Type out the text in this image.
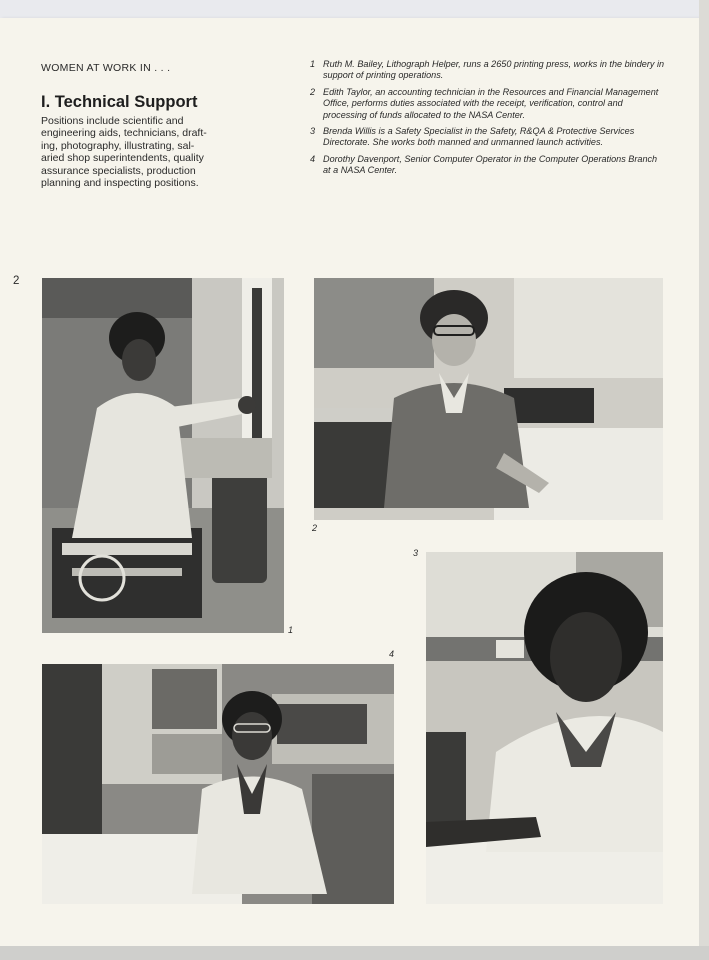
WOMEN AT WORK IN . . .
I. Technical Support
Positions include scientific and
engineering aids, technicians, draft-
ing, photography, illustrating, sal-
aried shop superintendents, quality
assurance specialists, production
planning and inspecting positions.
1 Ruth M. Bailey, Lithograph Helper, runs a 2650 printing press, works in the bindery in support of printing operations.
2 Edith Taylor, an accounting technician in the Resources and Financial Management Office, performs duties associated with the receipt, verification, control and processing of funds allocated to the NASA Center.
3 Brenda Willis is a Safety Specialist in the Safety, R&QA & Protective Services Directorate. She works both manned and unmanned launch activities.
4 Dorothy Davenport, Senior Computer Operator in the Computer Operations Branch at a NASA Center.
2
1
2
3
4
